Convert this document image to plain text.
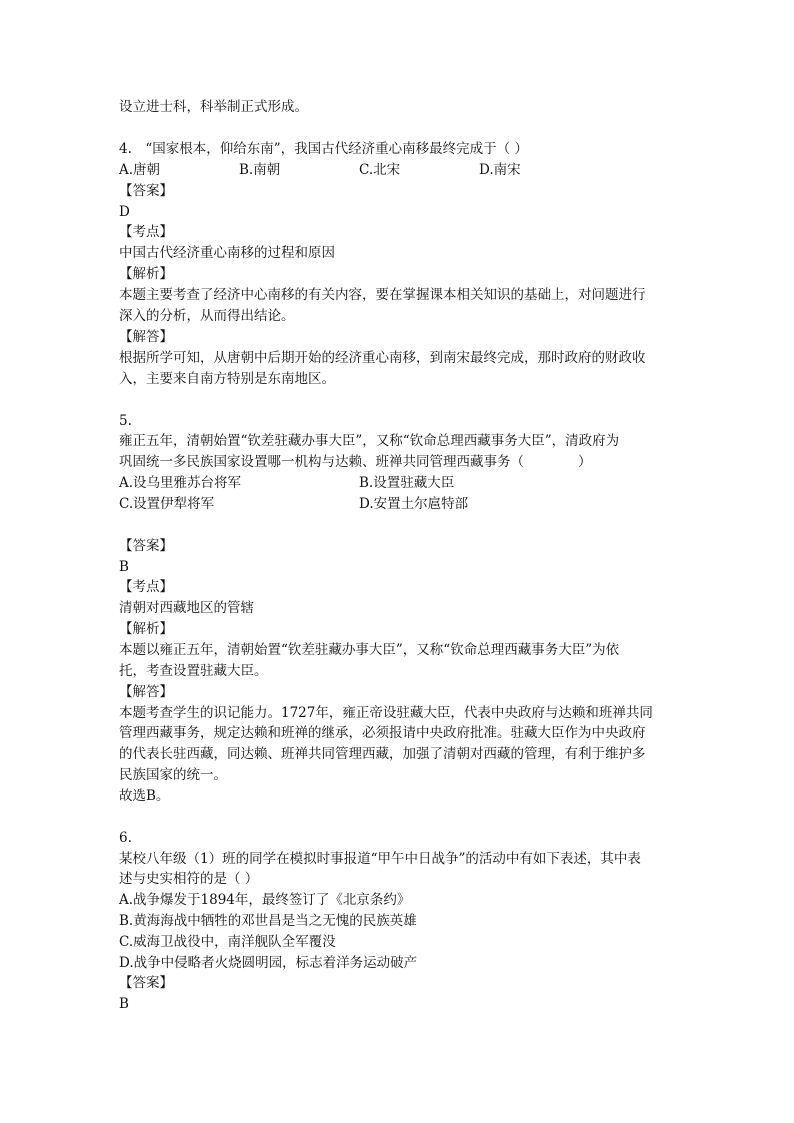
设立进士科，科举制正式形成。

4.　“国家根本，仰给东南”，我国古代经济重心南移最终完成于（ ）

A.唐朝	B.南朝	C.北宋	D.南宋

【答案】

D

【考点】

中国古代经济重心南移的过程和原因

【解析】

本题主要考查了经济中心南移的有关内容，要在掌握课本相关知识的基础上，对问题进行

深入的分析，从而得出结论。

【解答】

根据所学可知，从唐朝中后期开始的经济重心南移，到南宋最终完成，那时政府的财政收

入，主要来自南方特别是东南地区。

5.

雍正五年，清朝始置“钦差驻藏办事大臣”，又称“钦命总理西藏事务大臣”，清政府为

巩固统一多民族国家设置哪一机构与达赖、班禅共同管理西藏事务（　　　　）

A.设乌里雅苏台将军	B.设置驻藏大臣

C.设置伊犁将军	D.安置土尔扈特部

【答案】

B

【考点】

清朝对西藏地区的管辖

【解析】

本题以雍正五年，清朝始置“钦差驻藏办事大臣”，又称“钦命总理西藏事务大臣”为依

托，考查设置驻藏大臣。

【解答】

本题考查学生的识记能力。1727年，雍正帝设驻藏大臣，代表中央政府与达赖和班禅共同

管理西藏事务，规定达赖和班禅的继承，必须报请中央政府批准。驻藏大臣作为中央政府

的代表长驻西藏，同达赖、班禅共同管理西藏，加强了清朝对西藏的管理，有利于维护多

民族国家的统一。

故选B。

6.

某校八年级（1）班的同学在模拟时事报道“甲午中日战争”的活动中有如下表述，其中表

述与史实相符的是（ ）

A.战争爆发于1894年，最终签订了《北京条约》

B.黄海海战中牺牲的邓世昌是当之无愧的民族英雄

C.威海卫战役中，南洋舰队全军覆没

D.战争中侵略者火烧圆明园，标志着洋务运动破产

【答案】

B
